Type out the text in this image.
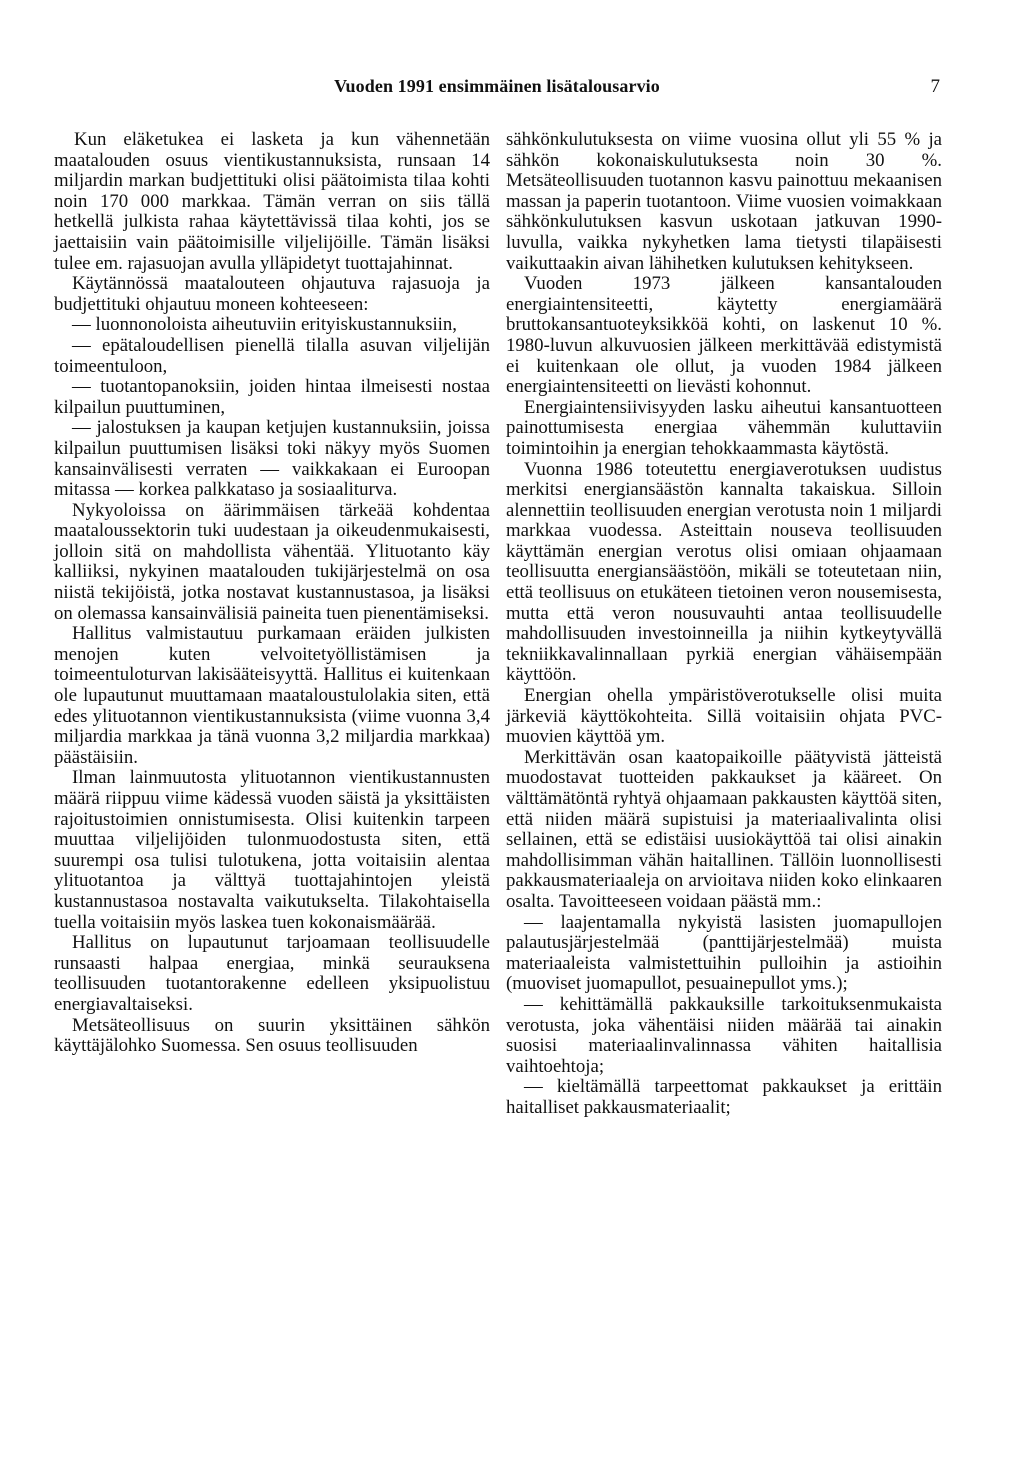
Vuoden 1991 ensimmäinen lisätalousarvio	7

Kun eläketukea ei lasketa ja kun vähennetään maatalouden osuus vientikustannuksista, runsaan 14 miljardin markan budjettituki olisi päätoimista tilaa kohti noin 170 000 markkaa. Tämän verran on siis tällä hetkellä julkista rahaa käytettävissä tilaa kohti, jos se jaettaisiin vain päätoimisille viljelijöille. Tämän lisäksi tulee em. rajasuojan avulla ylläpidetyt tuottajahinnat.

Käytännössä maatalouteen ohjautuva rajasuoja ja budjettituki ohjautuu moneen kohteeseen:

— luonnonoloista aiheutuviin erityiskustannuksiin,

— epätaloudellisen pienellä tilalla asuvan viljelijän toimeentuloon,

— tuotantopanoksiin, joiden hintaa ilmeisesti nostaa kilpailun puuttuminen,

— jalostuksen ja kaupan ketjujen kustannuksiin, joissa kilpailun puuttumisen lisäksi toki näkyy myös Suomen kansainvälisesti verraten — vaikkakaan ei Euroopan mitassa — korkea palkkataso ja sosiaaliturva.

Nykyoloissa on äärimmäisen tärkeää kohdentaa maataloussektorin tuki uudestaan ja oikeudenmukaisesti, jolloin sitä on mahdollista vähentää. Ylituotanto käy kalliiksi, nykyinen maatalouden tukijärjestelmä on osa niistä tekijöistä, jotka nostavat kustannustasoa, ja lisäksi on olemassa kansainvälisiä paineita tuen pienentämiseksi.

Hallitus valmistautuu purkamaan eräiden julkisten menojen kuten velvoitetyöllistämisen ja toimeentuloturvan lakisääteisyyttä. Hallitus ei kuitenkaan ole lupautunut muuttamaan maataloustulolakia siten, että edes ylituotannon vientikustannuksista (viime vuonna 3,4 miljardia markkaa ja tänä vuonna 3,2 miljardia markkaa) päästäisiin.

Ilman lainmuutosta ylituotannon vientikustannusten määrä riippuu viime kädessä vuoden säistä ja yksittäisten rajoitustoimien onnistumisesta. Olisi kuitenkin tarpeen muuttaa viljelijöiden tulonmuodostusta siten, että suurempi osa tulisi tulotukena, jotta voitaisiin alentaa ylituotantoa ja välttyä tuottajahintojen yleistä kustannustasoa nostavalta vaikutukselta. Tilakohtaisella tuella voitaisiin myös laskea tuen kokonaismäärää.

Hallitus on lupautunut tarjoamaan teollisuudelle runsaasti halpaa energiaa, minkä seurauksena teollisuuden tuotantorakenne edelleen yksipuolistuu energiavaltaiseksi.

Metsäteollisuus on suurin yksittäinen sähkön käyttäjälohko Suomessa. Sen osuus teollisuuden

sähkönkulutuksesta on viime vuosina ollut yli 55 % ja sähkön kokonaiskulutuksesta noin 30 %. Metsäteollisuuden tuotannon kasvu painottuu mekaanisen massan ja paperin tuotantoon. Viime vuosien voimakkaan sähkönkulutuksen kasvun uskotaan jatkuvan 1990-luvulla, vaikka nykyhetken lama tietysti tilapäisesti vaikuttaakin aivan lähihetken kulutuksen kehitykseen.

Vuoden 1973 jälkeen kansantalouden energiaintensiteetti, käytetty energiamäärä bruttokansantuoteyksikköä kohti, on laskenut 10 %. 1980-luvun alkuvuosien jälkeen merkittävää edistymistä ei kuitenkaan ole ollut, ja vuoden 1984 jälkeen energiaintensiteetti on lievästi kohonnut.

Energiaintensiivisyyden lasku aiheutui kansantuotteen painottumisesta energiaa vähemmän kuluttaviin toimintoihin ja energian tehokkaammasta käytöstä.

Vuonna 1986 toteutettu energiaverotuksen uudistus merkitsi energiansäästön kannalta takaiskua. Silloin alennettiin teollisuuden energian verotusta noin 1 miljardi markkaa vuodessa. Asteittain nouseva teollisuuden käyttämän energian verotus olisi omiaan ohjaamaan teollisuutta energiansäästöön, mikäli se toteutetaan niin, että teollisuus on etukäteen tietoinen veron nousemisesta, mutta että veron nousuvauhti antaa teollisuudelle mahdollisuuden investoinneilla ja niihin kytkeytyvällä tekniikkavalinnallaan pyrkiä energian vähäisempään käyttöön.

Energian ohella ympäristöverotukselle olisi muita järkeviä käyttökohteita. Sillä voitaisiin ohjata PVC-muovien käyttöä ym.

Merkittävän osan kaatopaikoille päätyvistä jätteistä muodostavat tuotteiden pakkaukset ja kääreet. On välttämätöntä ryhtyä ohjaamaan pakkausten käyttöä siten, että niiden määrä supistuisi ja materiaalivalinta olisi sellainen, että se edistäisi uusiokäyttöä tai olisi ainakin mahdollisimman vähän haitallinen. Tällöin luonnollisesti pakkausmateriaaleja on arvioitava niiden koko elinkaaren osalta. Tavoitteeseen voidaan päästä mm.:

— laajentamalla nykyistä lasisten juomapullojen palautusjärjestelmää (panttijärjestelmää) muista materiaaleista valmistettuihin pulloihin ja astioihin (muoviset juomapullot, pesuainepullot yms.);

— kehittämällä pakkauksille tarkoituksenmukaista verotusta, joka vähentäisi niiden määrää tai ainakin suosisi materiaalinvalinnassa vähiten haitallisia vaihtoehtoja;

— kieltämällä tarpeettomat pakkaukset ja erittäin haitalliset pakkausmateriaalit;
